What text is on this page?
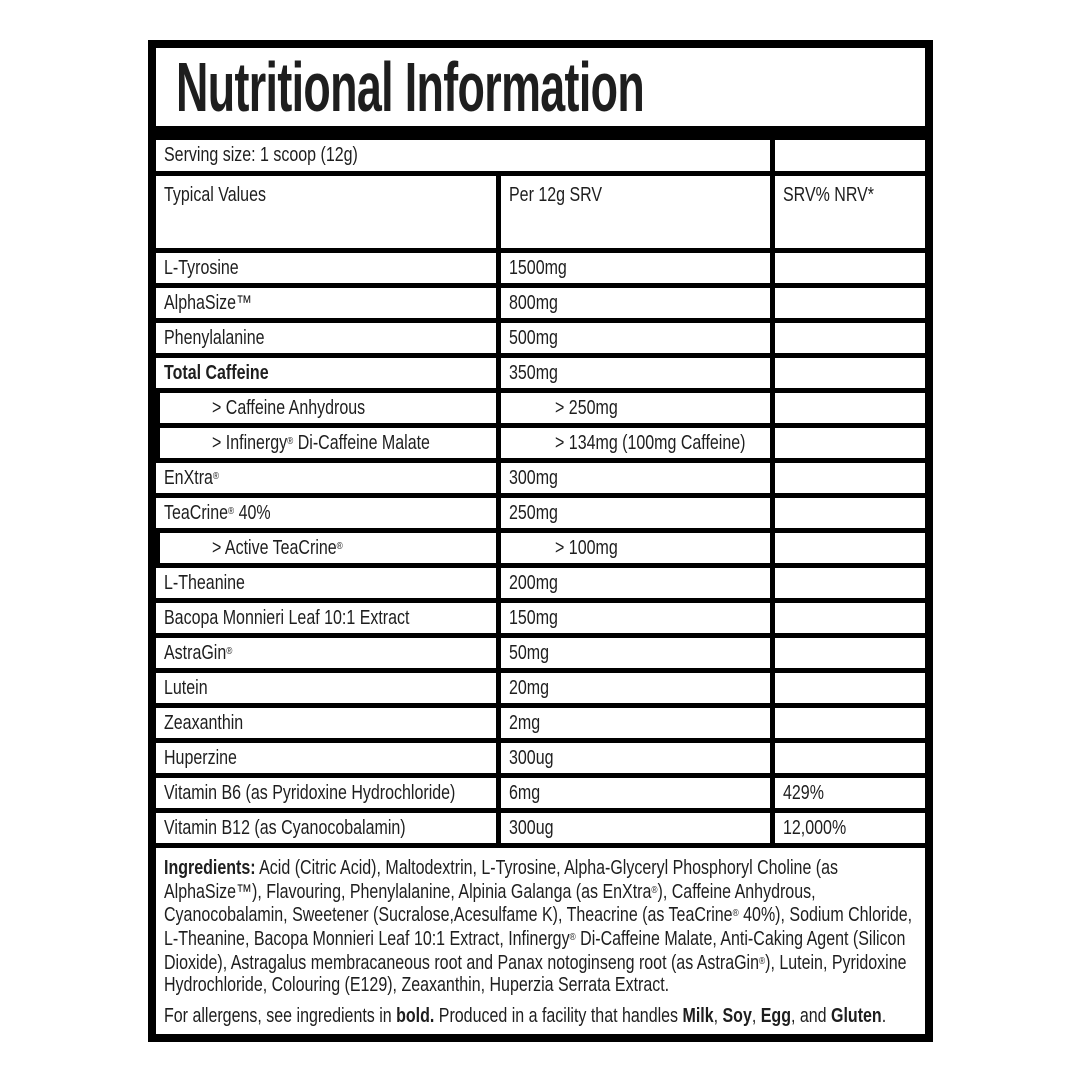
Nutritional Information
Serving size: 1 scoop (12g)
Typical Values	Per 12g SRV	SRV% NRV*
L-Tyrosine	1500mg
AlphaSize™	800mg
Phenylalanine	500mg
Total Caffeine	350mg
> Caffeine Anhydrous	> 250mg
> Infinergy® Di-Caffeine Malate	> 134mg (100mg Caffeine)
EnXtra®	300mg
TeaCrine® 40%	250mg
> Active TeaCrine®	> 100mg
L-Theanine	200mg
Bacopa Monnieri Leaf 10:1 Extract	150mg
AstraGin®	50mg
Lutein	20mg
Zeaxanthin	2mg
Huperzine	300ug
Vitamin B6 (as Pyridoxine Hydrochloride)	6mg	429%
Vitamin B12 (as Cyanocobalamin)	300ug	12,000%

Ingredients: Acid (Citric Acid), Maltodextrin, L-Tyrosine, Alpha-Glyceryl Phosphoryl Choline (as AlphaSize™), Flavouring, Phenylalanine, Alpinia Galanga (as EnXtra®), Caffeine Anhydrous, Cyanocobalamin, Sweetener (Sucralose,Acesulfame K), Theacrine (as TeaCrine® 40%), Sodium Chloride, L-Theanine, Bacopa Monnieri Leaf 10:1 Extract, Infinergy® Di-Caffeine Malate, Anti-Caking Agent (Silicon Dioxide), Astragalus membracaneous root and Panax notoginseng root (as AstraGin®), Lutein, Pyridoxine Hydrochloride, Colouring (E129), Zeaxanthin, Huperzia Serrata Extract.

For allergens, see ingredients in bold. Produced in a facility that handles Milk, Soy, Egg, and Gluten.
